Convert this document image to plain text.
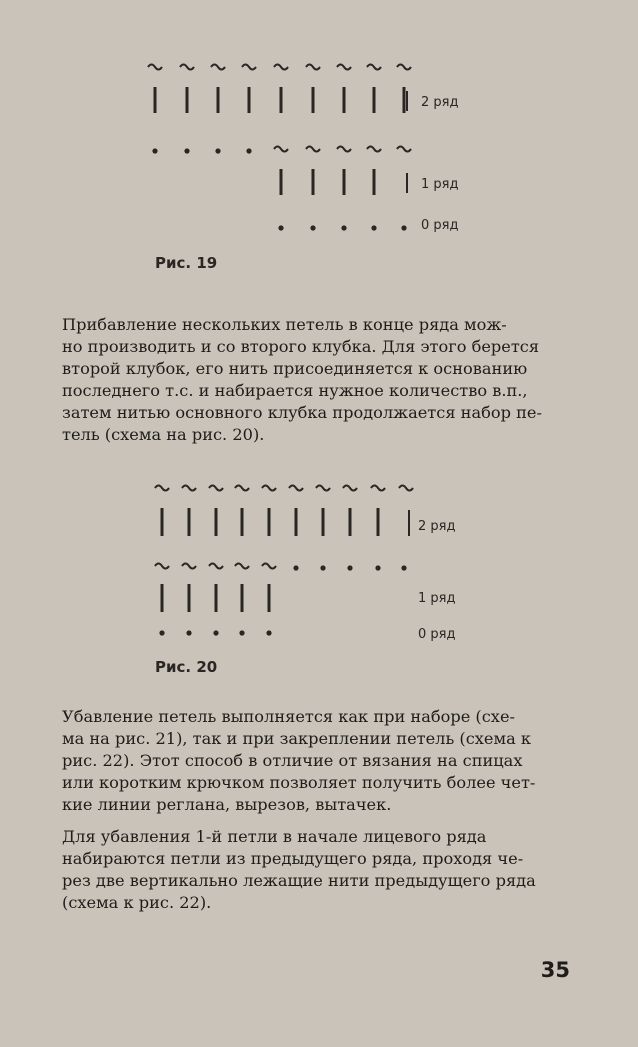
2 ряд
1 ряд
0 ряд
Рис. 19
Прибавление нескольких петель в конце ряда мож-
но производить и со второго клубка. Для этого берется
второй клубок, его нить присоединяется к основанию
последнего т.с. и набирается нужное количество в.п.,
затем нитью основного клубка продолжается набор пе-
тель (схема на рис. 20).
2 ряд
1 ряд
0 ряд
Рис. 20
Убавление петель выполняется как при наборе (схе-
ма на рис. 21), так и при закреплении петель (схема к
рис. 22). Этот способ в отличие от вязания на спицах
или коротким крючком позволяет получить более чет-
кие линии реглана, вырезов, вытачек.
Для убавления 1-й петли в начале лицевого ряда
набираются петли из предыдущего ряда, проходя че-
рез две вертикально лежащие нити предыдущего ряда
(схема к рис. 22).
35
